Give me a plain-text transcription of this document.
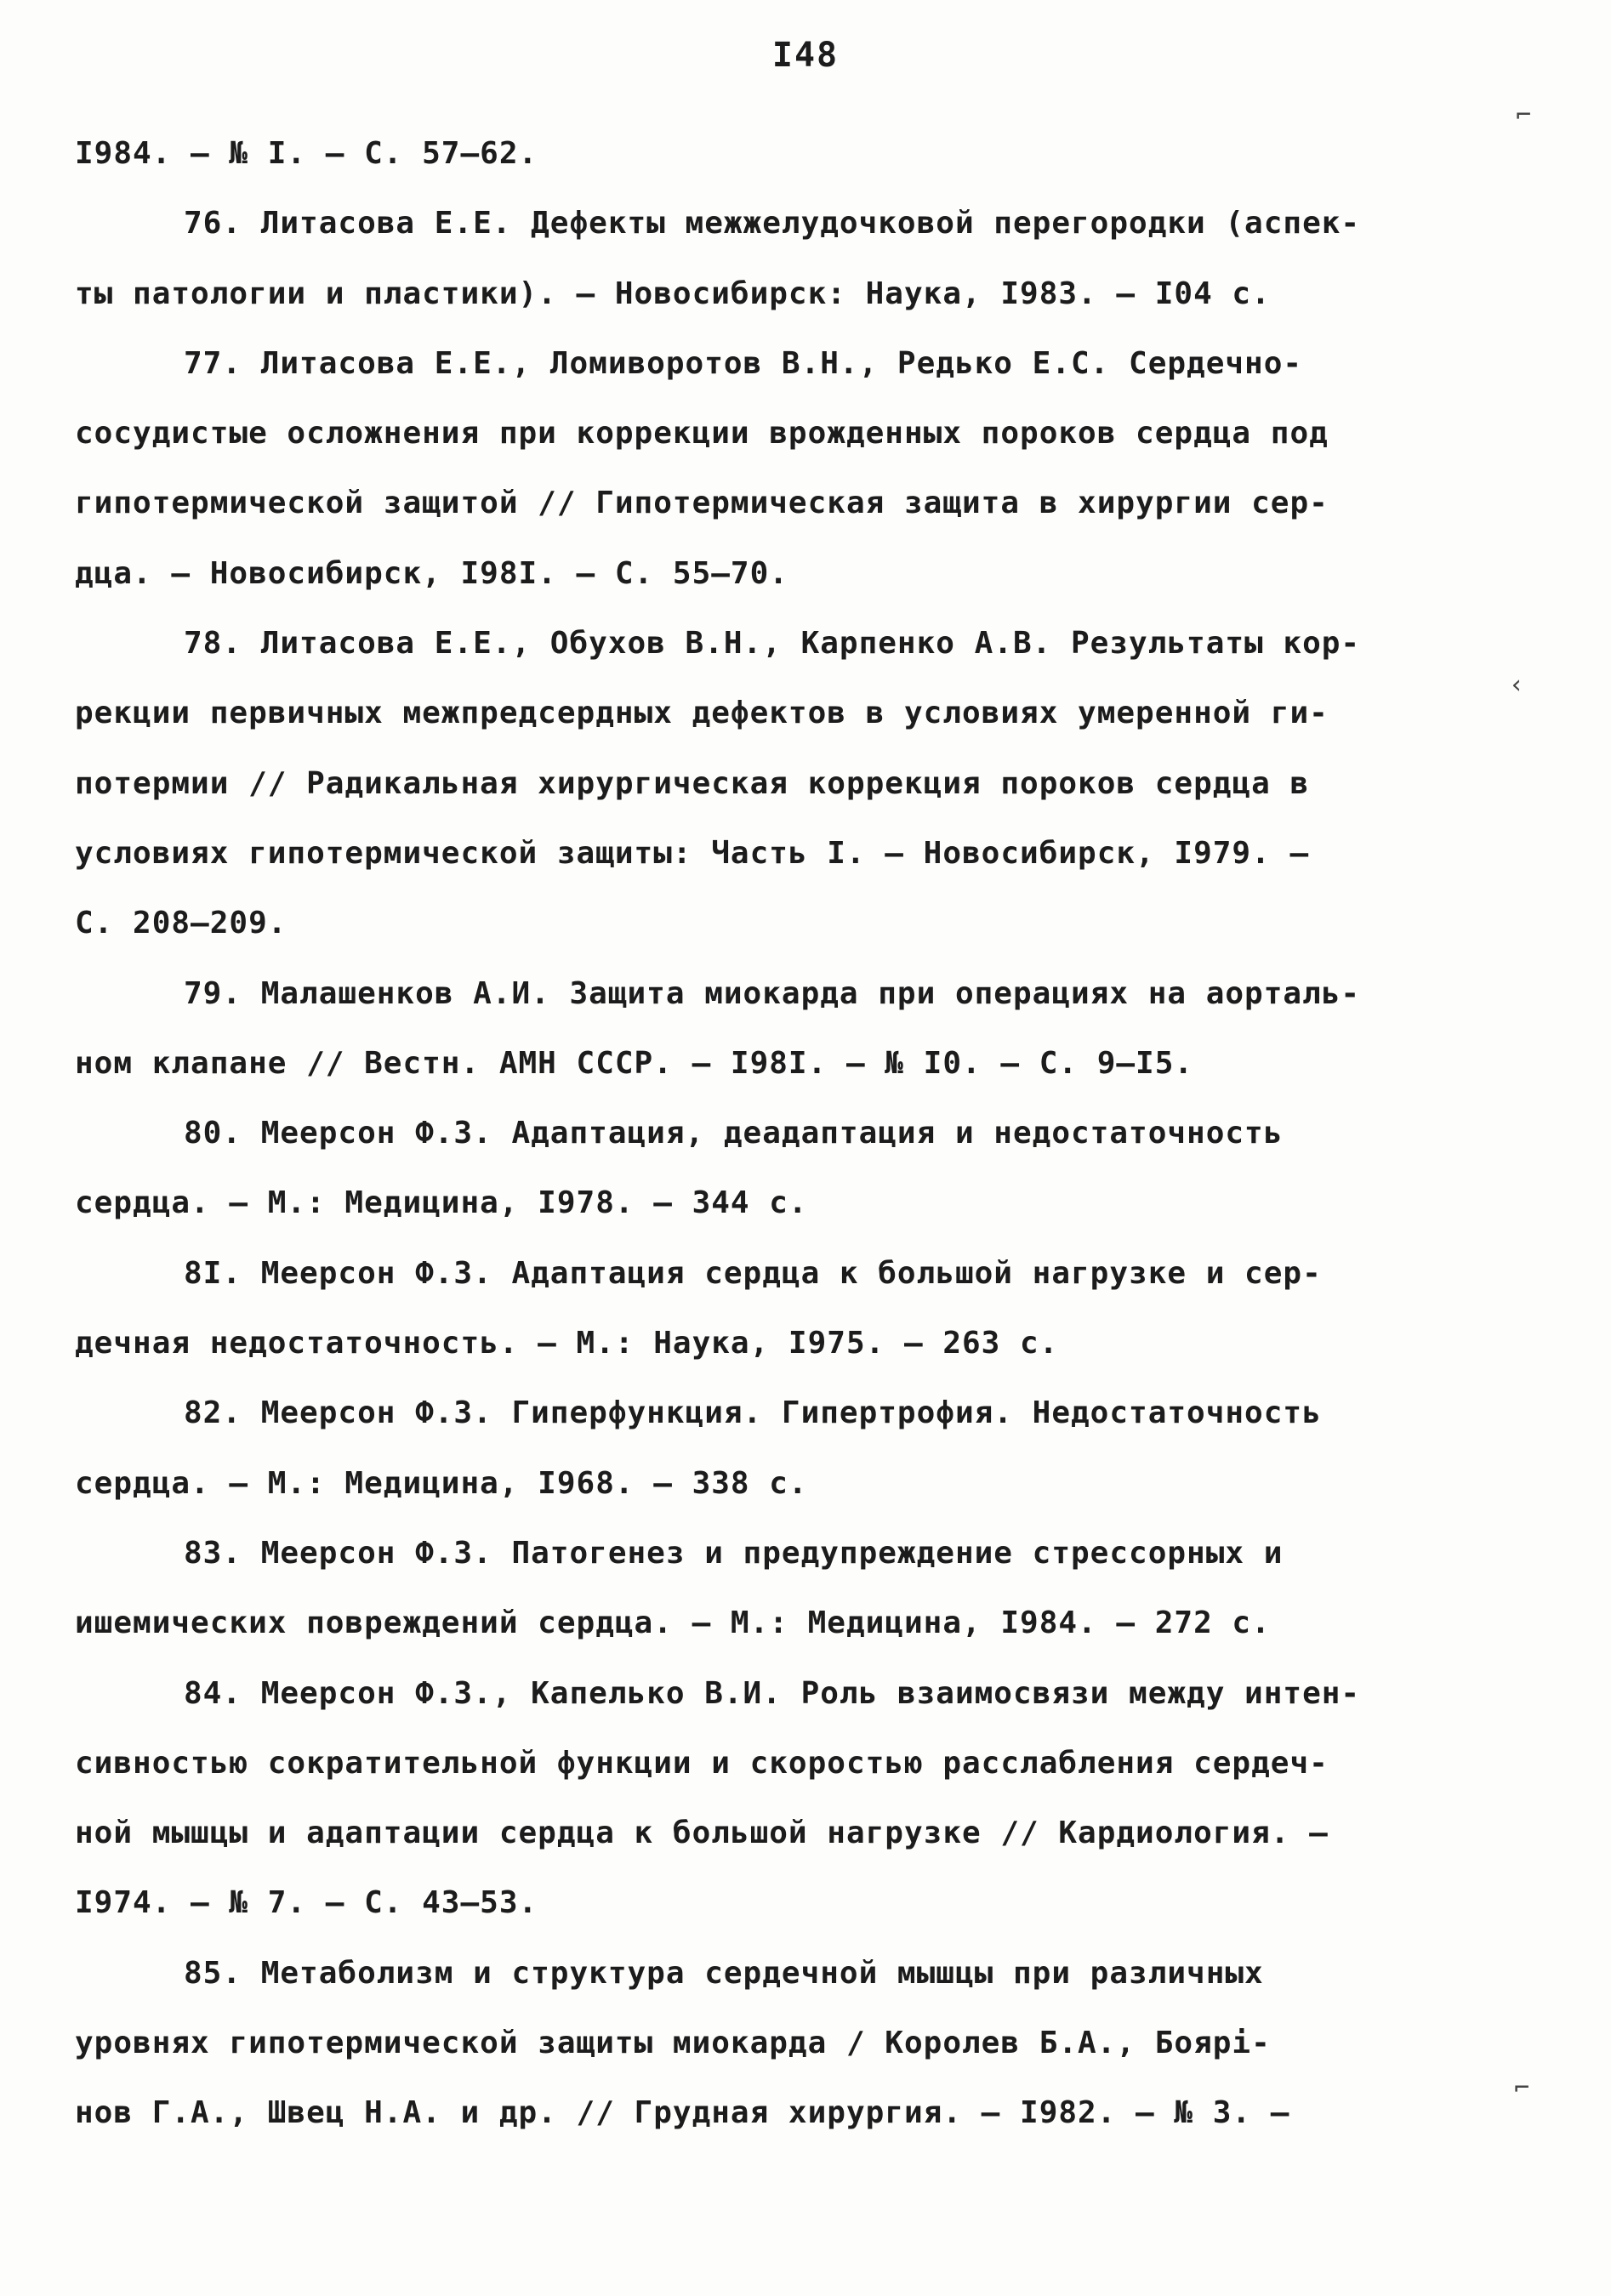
I48
I984. – № I. – С. 57–62.
76. Литасова Е.Е. Дефекты межжелудочковой перегородки (аспек-
ты патологии и пластики). – Новосибирск: Наука, I983. – I04 с.
77. Литасова Е.Е., Ломиворотов В.Н., Редько Е.С. Сердечно-
сосудистые осложнения при коррекции врожденных пороков сердца под
гипотермической защитой // Гипотермическая защита в хирургии сер-
дца. – Новосибирск, I98I. – С. 55–70.
78. Литасова Е.Е., Обухов В.Н., Карпенко А.В. Результаты кор-
рекции первичных межпредсердных дефектов в условиях умеренной ги-
потермии // Радикальная хирургическая коррекция пороков сердца в
условиях гипотермической защиты: Часть I. – Новосибирск, I979. –
С. 208–209.
79. Малашенков А.И. Защита миокарда при операциях на аорталь-
ном клапане // Вестн. АМН СССР. – I98I. – № I0. – С. 9–I5.
80. Меерсон Ф.З. Адаптация, деадаптация и недостаточность
сердца. – М.: Медицина, I978. – 344 с.
8I. Меерсон Ф.З. Адаптация сердца к большой нагрузке и сер-
дечная недостаточность. – М.: Наука, I975. – 263 с.
82. Меерсон Ф.З. Гиперфункция. Гипертрофия. Недостаточность
сердца. – М.: Медицина, I968. – 338 с.
83. Меерсон Ф.З. Патогенез и предупреждение стрессорных и
ишемических повреждений сердца. – М.: Медицина, I984. – 272 с.
84. Меерсон Ф.З., Капелько В.И. Роль взаимосвязи между интен-
сивностью сократительной функции и скоростью расслабления сердеч-
ной мышцы и адаптации сердца к большой нагрузке // Кардиология. –
I974. – № 7. – С. 43–53.
85. Метаболизм и структура сердечной мышцы при различных
уровнях гипотермической защиты миокарда / Королев Б.А., Боярi-
нов Г.А., Швец Н.А. и др. // Грудная хирургия. – I982. – № 3. –
⌐
‹
⌐
